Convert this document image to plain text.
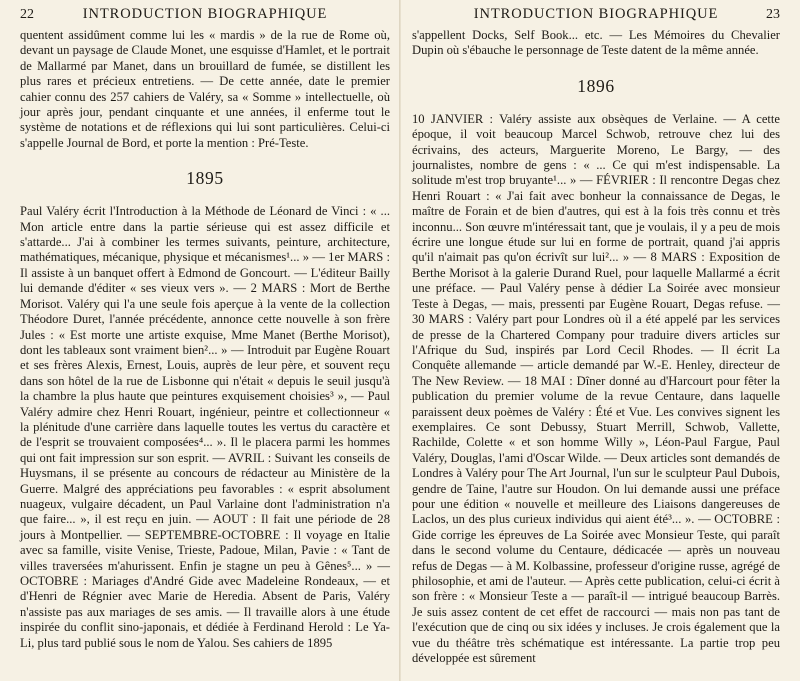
22	INTRODUCTION BIOGRAPHIQUE

quentent assidûment comme lui les « mardis » de la rue de Rome où, devant un paysage de Claude Monet, une esquisse d'Hamlet, et le portrait de Mallarmé par Manet, dans un brouillard de fumée, se distillent les plus rares et précieux entretiens. — De cette année, date le premier cahier connu des 257 cahiers de Valéry, sa « Somme » intellectuelle, où jour après jour, pendant cinquante et une années, il enferme tout le système de notations et de réflexions qui lui sont particulières. Celui-ci s'appelle Journal de Bord, et porte la mention : Pré-Teste.

1895

Paul Valéry écrit l'Introduction à la Méthode de Léonard de Vinci : « ... Mon article entre dans la partie sérieuse qui est assez difficile et s'attarde... J'ai à combiner les termes suivants, peinture, architecture, mathématiques, mécanique, physique et mécanismes¹... » — 1er MARS : Il assiste à un banquet offert à Edmond de Goncourt. — L'éditeur Bailly lui demande d'éditer « ses vieux vers ». — 2 MARS : Mort de Berthe Morisot. Valéry qui l'a une seule fois aperçue à la vente de la collection Théodore Duret, l'année précédente, annonce cette nouvelle à son frère Jules : « Est morte une artiste exquise, Mme Manet (Berthe Morisot), dont les tableaux sont vraiment bien²... » — Introduit par Eugène Rouart et ses frères Alexis, Ernest, Louis, auprès de leur père, et souvent reçu dans son hôtel de la rue de Lisbonne qui n'était « depuis le seuil jusqu'à la chambre la plus haute que peintures exquisement choisies³ », — Paul Valéry admire chez Henri Rouart, ingénieur, peintre et collectionneur « la plénitude d'une carrière dans laquelle toutes les vertus du caractère et de l'esprit se trouvaient composées⁴... ». Il le placera parmi les hommes qui ont fait impression sur son esprit. — AVRIL : Suivant les conseils de Huysmans, il se présente au concours de rédacteur au Ministère de la Guerre. Malgré des appréciations peu favorables : « esprit absolument nuageux, vulgaire décadent, un Paul Varlaine dont l'administration n'a que faire... », il est reçu en juin. — AOUT : Il fait une période de 28 jours à Montpellier. — SEPTEMBRE-OCTOBRE : Il voyage en Italie avec sa famille, visite Venise, Trieste, Padoue, Milan, Pavie : « Tant de villes traversées m'ahurissent. Enfin je stagne un peu à Gênes⁵... » — OCTOBRE : Mariages d'André Gide avec Madeleine Rondeaux, — et d'Henri de Régnier avec Marie de Heredia. Absent de Paris, Valéry n'assiste pas aux mariages de ses amis. — Il travaille alors à une étude inspirée du conflit sino-japonais, et dédiée à Ferdinand Herold : Le Ya-Li, plus tard publié sous le nom de Yalou. Ses cahiers de 1895

INTRODUCTION BIOGRAPHIQUE	23

s'appellent Docks, Self Book... etc. — Les Mémoires du Chevalier Dupin où s'ébauche le personnage de Teste datent de la même année.

1896

10 JANVIER : Valéry assiste aux obsèques de Verlaine. — A cette époque, il voit beaucoup Marcel Schwob, retrouve chez lui des écrivains, des acteurs, Marguerite Moreno, Le Bargy, — des journalistes, nombre de gens : « ... Ce qui m'est indispensable. La solitude m'est trop bruyante¹... » — FÉVRIER : Il rencontre Degas chez Henri Rouart : « J'ai fait avec bonheur la connaissance de Degas, le maître de Forain et de bien d'autres, qui est à la fois très connu et très inconnu... Son œuvre m'intéressait tant, que je voulais, il y a peu de mois écrire une longue étude sur lui en forme de portrait, quand j'ai appris qu'il n'aimait pas qu'on écrivît sur lui²... » — 8 MARS : Exposition de Berthe Morisot à la galerie Durand Ruel, pour laquelle Mallarmé a écrit une préface. — Paul Valéry pense à dédier La Soirée avec monsieur Teste à Degas, — mais, pressenti par Eugène Rouart, Degas refuse. — 30 MARS : Valéry part pour Londres où il a été appelé par les services de presse de la Chartered Company pour traduire divers articles sur l'Afrique du Sud, inspirés par Lord Cecil Rhodes. — Il écrit La Conquête allemande — article demandé par W.-E. Henley, directeur de The New Review. — 18 MAI : Dîner donné au d'Harcourt pour fêter la publication du premier volume de la revue Centaure, dans laquelle paraissent deux poèmes de Valéry : Été et Vue. Les convives signent les exemplaires. Ce sont Debussy, Stuart Merrill, Schwob, Vallette, Rachilde, Colette « et son homme Willy », Léon-Paul Fargue, Paul Valéry, Douglas, l'ami d'Oscar Wilde. — Deux articles sont demandés de Londres à Valéry pour The Art Journal, l'un sur le sculpteur Paul Dubois, gendre de Taine, l'autre sur Houdon. On lui demande aussi une préface pour une édition « nouvelle et meilleure des Liaisons dangereuses de Laclos, un des plus curieux individus qui aient été³... ». — OCTOBRE : Gide corrige les épreuves de La Soirée avec Monsieur Teste, qui paraît dans le second volume du Centaure, dédicacée — après un nouveau refus de Degas — à M. Kolbassine, professeur d'origine russe, agrégé de philosophie, et ami de l'auteur. — Après cette publication, celui-ci écrit à son frère : « Monsieur Teste a — paraît-il — intrigué beaucoup Barrès. Je suis assez content de cet effet de raccourci — mais non pas tant de l'exécution que de cinq ou six idées y incluses. Je crois également que la vue du théâtre très schématique est intéressante. La partie trop peu développée est sûrement
